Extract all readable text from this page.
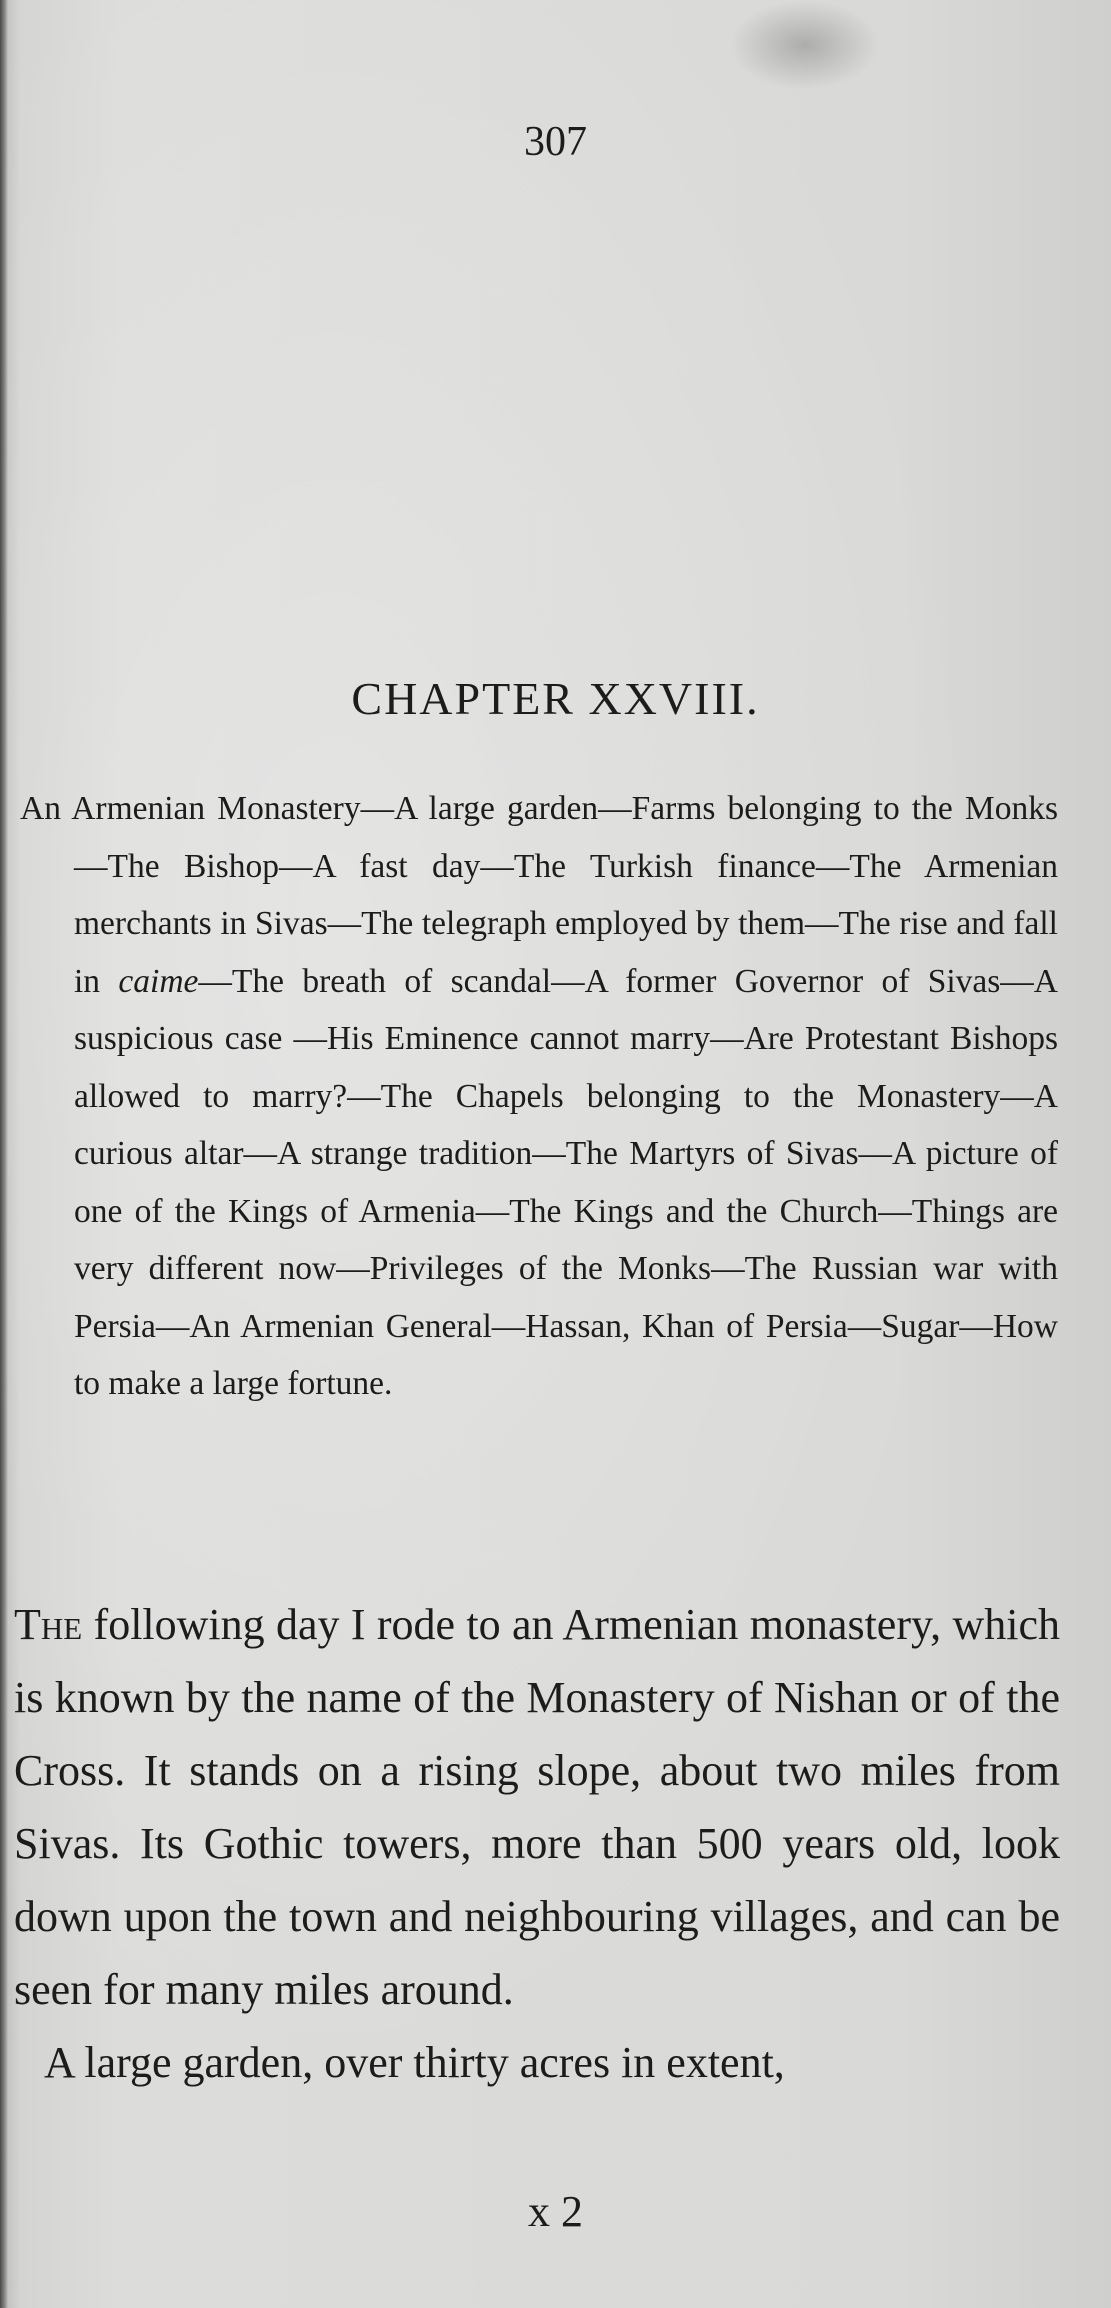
307
CHAPTER XXVIII.
An Armenian Monastery—A large garden—Farms belonging to the Monks—The Bishop—A fast day—The Turkish finance—The Armenian merchants in Sivas—The telegraph employed by them—The rise and fall in caime—The breath of scandal—A former Governor of Sivas—A suspicious case —His Eminence cannot marry—Are Protestant Bishops allowed to marry?—The Chapels belonging to the Monastery—A curious altar—A strange tradition—The Martyrs of Sivas—A picture of one of the Kings of Armenia—The Kings and the Church—Things are very different now—Privileges of the Monks—The Russian war with Persia—An Armenian General—Hassan, Khan of Persia—Sugar—How to make a large fortune.

The following day I rode to an Armenian monastery, which is known by the name of the Monastery of Nishan or of the Cross. It stands on a rising slope, about two miles from Sivas. Its Gothic towers, more than 500 years old, look down upon the town and neighbouring villages, and can be seen for many miles around.

A large garden, over thirty acres in extent,

x 2
